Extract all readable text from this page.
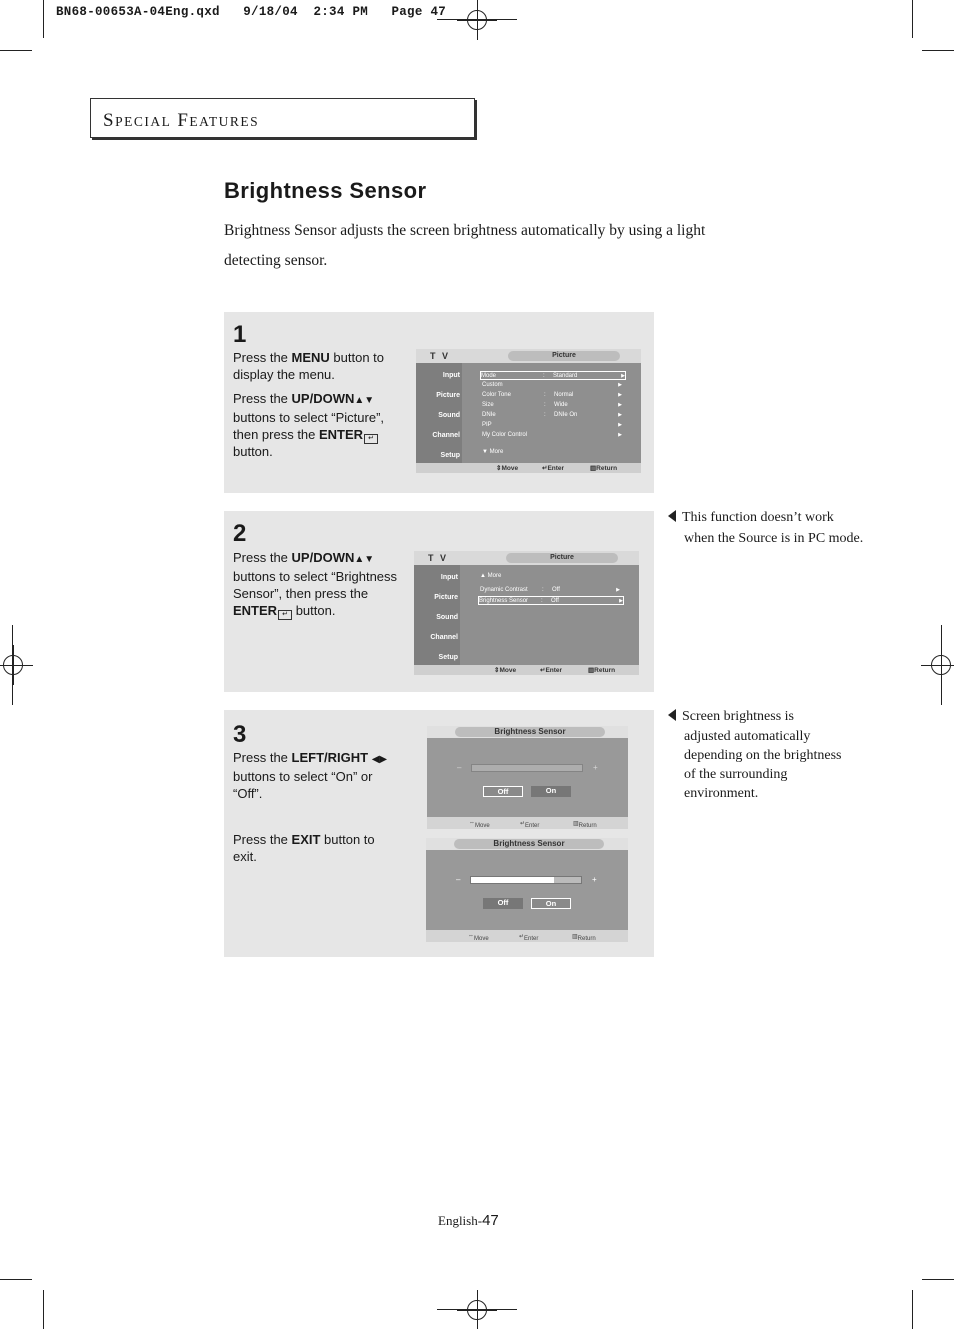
BN68-00653A-04Eng.qxd   9/18/04  2:34 PM   Page 47
SPECIAL FEATURES
Brightness Sensor
Brightness Sensor adjusts the screen brightness automatically by using a light detecting sensor.
1

Press the MENU button to display the menu.

Press the UP/DOWN▲▼ buttons to select “Picture”, then press the ENTER ↵ button.

T V	Picture
Input
Picture
Sound
Channel
Setup
Mode	: Standard	▶
Custom	▶
Color Tone	: Normal	▶
Size	: Wide	▶
DNIe	: DNIe On	▶
PIP	▶
My Color Control	▶
▼ More
⇕ Move	↵ Enter	▥ Return
2

Press the UP/DOWN▲▼ buttons to select “Brightness Sensor”, then press the ENTER ↵ button.

T V	Picture
Input
Picture
Sound
Channel
Setup
▲ More
Dynamic Contrast : Off	▶
Brightness Sensor : Off	▶
⇕ Move	↵ Enter	▥ Return
3

Press the LEFT/RIGHT ◀▶ buttons to select “On” or “Off”.

Press the EXIT button to exit.

Brightness Sensor
–	+
Off	On
⇔ Move	↵ Enter	▥ Return
Brightness Sensor
–	+
Off	On
⇔ Move	↵ Enter	▥ Return
This function doesn’t work
when the Source is in PC mode.
Screen brightness is
adjusted automatically
depending on the brightness
of the surrounding
environment.
English-47
